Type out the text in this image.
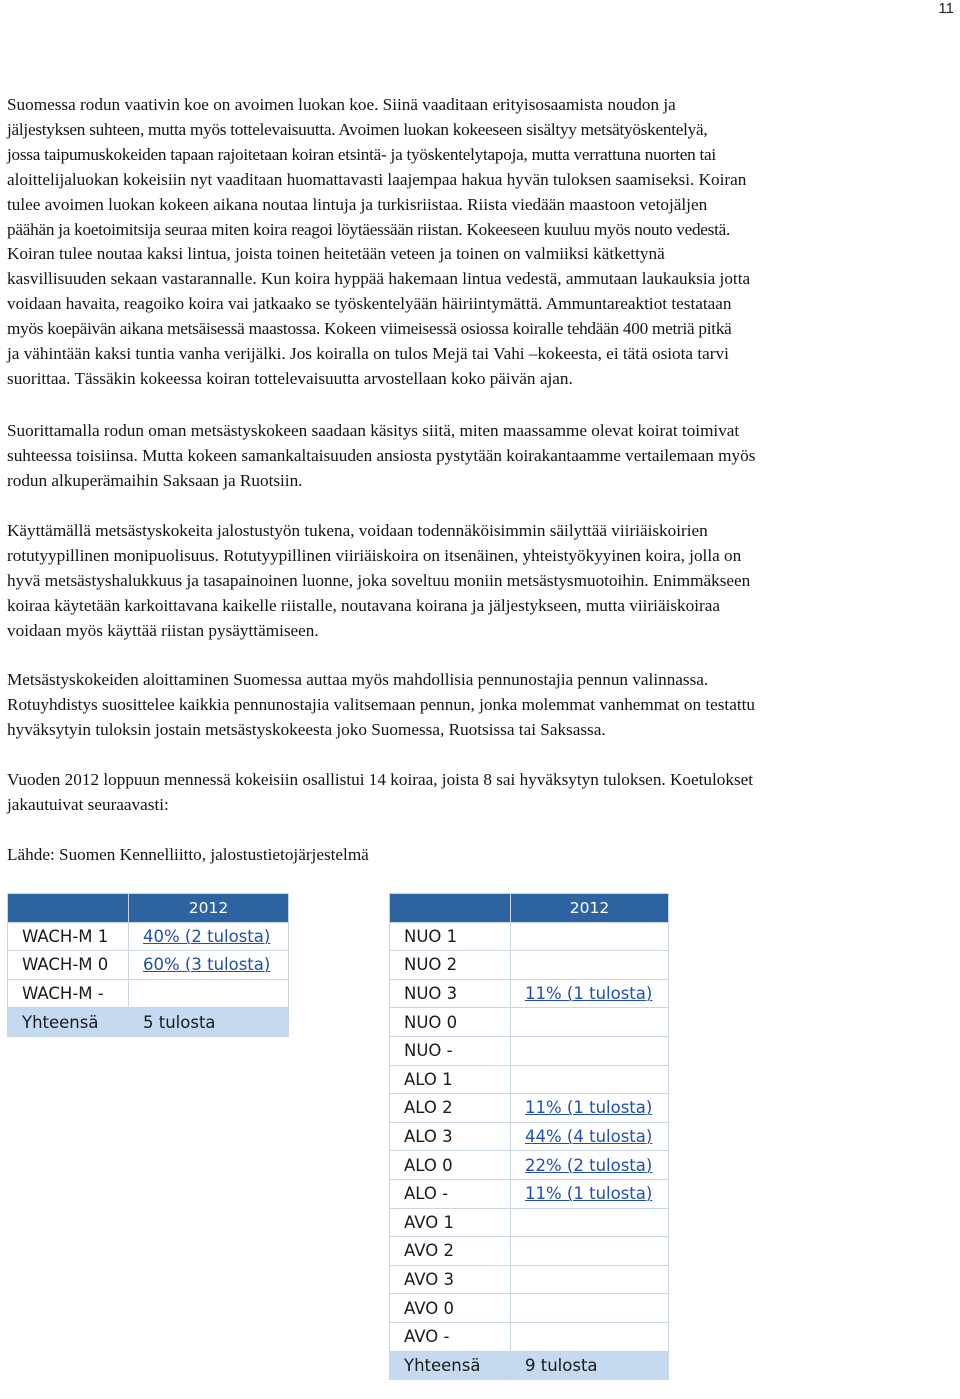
11

Suomessa rodun vaativin koe on avoimen luokan koe. Siinä vaaditaan erityisosaamista noudon ja
jäljestyksen suhteen, mutta myös tottelevaisuutta. Avoimen luokan kokeeseen sisältyy metsätyöskentelyä,
jossa taipumuskokeiden tapaan rajoitetaan koiran etsintä- ja työskentelytapoja, mutta verrattuna nuorten tai
aloittelijaluokan kokeisiin nyt vaaditaan huomattavasti laajempaa hakua hyvän tuloksen saamiseksi. Koiran
tulee avoimen luokan kokeen aikana noutaa lintuja ja turkisriistaa. Riista viedään maastoon vetojäljen
päähän ja koetoimitsija seuraa miten koira reagoi löytäessään riistan. Kokeeseen kuuluu myös nouto vedestä.
Koiran tulee noutaa kaksi lintua, joista toinen heitetään veteen ja toinen on valmiiksi kätkettynä
kasvillisuuden sekaan vastarannalle. Kun koira hyppää hakemaan lintua vedestä, ammutaan laukauksia jotta
voidaan havaita, reagoiko koira vai jatkaako se työskentelyään häiriintymättä. Ammuntareaktiot testataan
myös koepäivän aikana metsäisessä maastossa. Kokeen viimeisessä osiossa koiralle tehdään 400 metriä pitkä
ja vähintään kaksi tuntia vanha verijälki. Jos koiralla on tulos Mejä tai Vahi –kokeesta, ei tätä osiota tarvi
suorittaa. Tässäkin kokeessa koiran tottelevaisuutta arvostellaan koko päivän ajan.

Suorittamalla rodun oman metsästyskokeen saadaan käsitys siitä, miten maassamme olevat koirat toimivat
suhteessa toisiinsa. Mutta kokeen samankaltaisuuden ansiosta pystytään koirakantaamme vertailemaan myös
rodun alkuperämaihin Saksaan ja Ruotsiin.

Käyttämällä metsästyskokeita jalostustyön tukena, voidaan todennäköisimmin säilyttää viiriäiskoirien
rotutyypillinen monipuolisuus. Rotutyypillinen viiriäiskoira on itsenäinen, yhteistyökyyinen koira, jolla on
hyvä metsästyshalukkuus ja tasapainoinen luonne, joka soveltuu moniin metsästysmuotoihin. Enimmäkseen
koiraa käytetään karkoittavana kaikelle riistalle, noutavana koirana ja jäljestykseen, mutta viiriäiskoiraa
voidaan myös käyttää riistan pysäyttämiseen.

Metsästyskokeiden aloittaminen Suomessa auttaa myös mahdollisia pennunostajia pennun valinnassa.
Rotuyhdistys suosittelee kaikkia pennunostajia valitsemaan pennun, jonka molemmat vanhemmat on testattu
hyväksytyin tuloksin jostain metsästyskokeesta joko Suomessa, Ruotsissa tai Saksassa.

Vuoden 2012 loppuun mennessä kokeisiin osallistui 14 koiraa, joista 8 sai hyväksytyn tuloksen. Koetulokset
jakautuivat seuraavasti:

Lähde: Suomen Kennelliitto, jalostustietojärjestelmä

	2012
WACH-M 1	40% (2 tulosta)
WACH-M 0	60% (3 tulosta)
WACH-M -	
Yhteensä	5 tulosta
	2012
NUO 1	
NUO 2	
NUO 3	11% (1 tulosta)
NUO 0	
NUO -	
ALO 1	
ALO 2	11% (1 tulosta)
ALO 3	44% (4 tulosta)
ALO 0	22% (2 tulosta)
ALO -	11% (1 tulosta)
AVO 1	
AVO 2	
AVO 3	
AVO 0	
AVO -	
Yhteensä	9 tulosta
